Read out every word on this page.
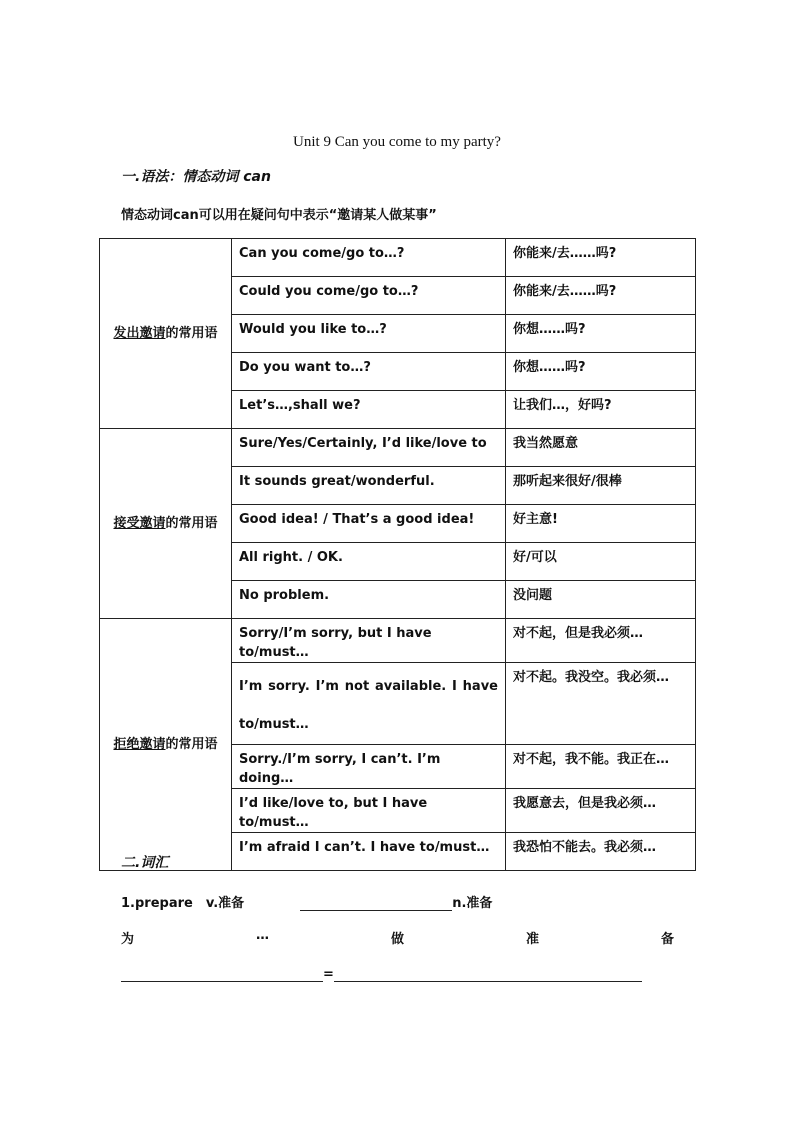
Unit 9 Can you come to my party?
一.语法：情态动词 can
情态动词can可以用在疑问句中表示“邀请某人做某事”
发出邀请的常用语	Can you come/go to…?	你能来/去……吗?
	Could you come/go to…?	你能来/去……吗?
	Would you like to…?	你想……吗?
	Do you want to…?	你想……吗?
	Let’s…,shall we?	让我们…，好吗?
接受邀请的常用语	Sure/Yes/Certainly, I’d like/love to	我当然愿意
	It sounds great/wonderful.	那听起来很好/很棒
	Good idea! / That’s a good idea!	好主意!
	All right. / OK.	好/可以
	No problem.	没问题
拒绝邀请的常用语	Sorry/I’m sorry, but I have to/must…	对不起，但是我必须…
	I’m sorry. I’m not available. I have to/must…	对不起。我没空。我必须…
	Sorry./I’m sorry, I can’t. I’m doing…	对不起，我不能。我正在…
	I’d like/love to, but I have to/must…	我愿意去，但是我必须…
	I’m afraid I can’t. I have to/must…	我恐怕不能去。我必须…
二.词汇
1.prepare v.准备	n.准备
为	…	做	准	备
=
